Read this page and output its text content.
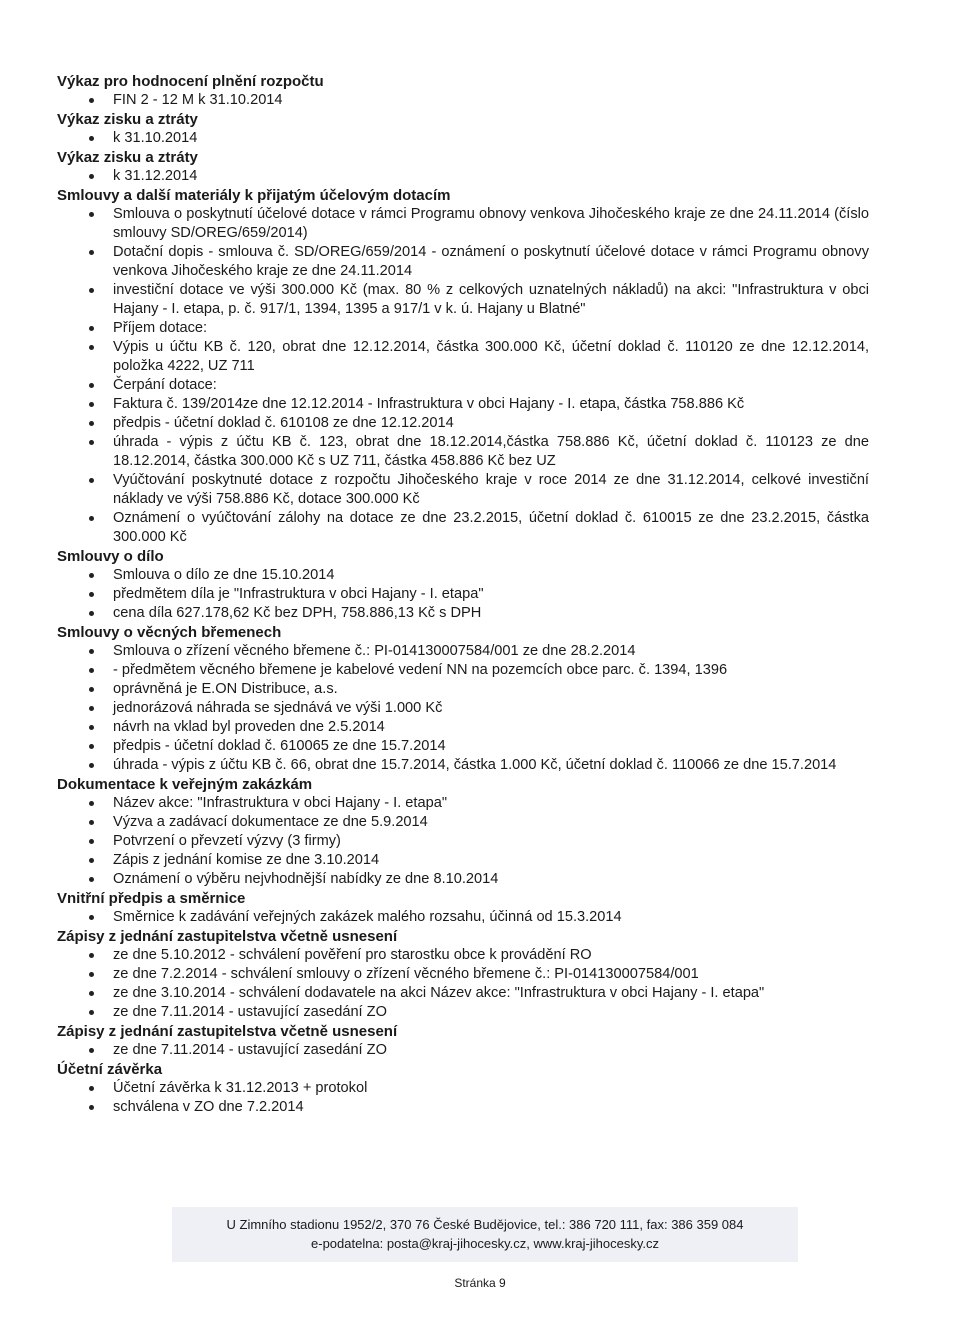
Výkaz pro hodnocení plnění rozpočtu
FIN 2 - 12 M k 31.10.2014
Výkaz zisku a ztráty
k 31.10.2014
Výkaz zisku a ztráty
k 31.12.2014
Smlouvy a další materiály k přijatým účelovým dotacím
Smlouva o poskytnutí účelové dotace v rámci Programu obnovy venkova Jihočeského kraje ze dne 24.11.2014 (číslo smlouvy SD/OREG/659/2014)
Dotační dopis - smlouva č. SD/OREG/659/2014 - oznámení o poskytnutí účelové dotace v rámci Programu obnovy venkova Jihočeského kraje ze dne 24.11.2014
investiční dotace ve výši 300.000 Kč (max. 80 % z celkových uznatelných nákladů) na akci: "Infrastruktura v obci Hajany - I. etapa, p. č. 917/1, 1394, 1395 a 917/1 v k. ú. Hajany u Blatné"
Příjem dotace:
Výpis u účtu KB č. 120, obrat dne 12.12.2014, částka 300.000 Kč, účetní doklad č. 110120 ze dne 12.12.2014, položka 4222, UZ 711
Čerpání dotace:
Faktura č. 139/2014ze dne 12.12.2014 - Infrastruktura v obci Hajany - I. etapa, částka 758.886 Kč
předpis - účetní doklad č. 610108 ze dne 12.12.2014
úhrada - výpis z účtu KB č. 123, obrat dne 18.12.2014,částka 758.886 Kč, účetní doklad č. 110123 ze dne 18.12.2014, částka 300.000 Kč s UZ 711, částka 458.886 Kč bez UZ
Vyúčtování poskytnuté dotace z rozpočtu Jihočeského kraje v roce 2014 ze dne 31.12.2014, celkové investiční náklady ve výši 758.886 Kč, dotace 300.000 Kč
Oznámení o vyúčtování zálohy na dotace ze dne 23.2.2015, účetní doklad č. 610015 ze dne 23.2.2015, částka 300.000 Kč
Smlouvy o dílo
Smlouva o dílo ze dne 15.10.2014
předmětem díla je "Infrastruktura v obci Hajany - I. etapa"
cena díla 627.178,62 Kč bez DPH, 758.886,13 Kč s DPH
Smlouvy o věcných břemenech
Smlouva o zřízení věcného břemene č.: PI-014130007584/001 ze dne 28.2.2014
- předmětem věcného břemene je kabelové vedení NN na pozemcích obce parc. č. 1394, 1396
oprávněná je E.ON Distribuce, a.s.
jednorázová náhrada se sjednává ve výši 1.000 Kč
návrh na vklad byl proveden dne 2.5.2014
předpis - účetní doklad č. 610065 ze dne 15.7.2014
úhrada - výpis z účtu KB č. 66, obrat dne 15.7.2014, částka 1.000 Kč, účetní doklad č. 110066 ze dne 15.7.2014
Dokumentace k veřejným zakázkám
Název akce: "Infrastruktura v obci Hajany - I. etapa"
Výzva a zadávací dokumentace ze dne 5.9.2014
Potvrzení o převzetí výzvy (3 firmy)
Zápis z jednání komise ze dne 3.10.2014
Oznámení o výběru nejvhodnější nabídky ze dne 8.10.2014
Vnitřní předpis a směrnice
Směrnice k zadávání veřejných zakázek malého rozsahu, účinná od 15.3.2014
Zápisy z jednání zastupitelstva včetně usnesení
ze dne 5.10.2012 - schválení pověření pro starostku obce k provádění RO
ze dne 7.2.2014 - schválení smlouvy o zřízení věcného břemene č.: PI-014130007584/001
ze dne 3.10.2014 - schválení dodavatele na akci Název akce: "Infrastruktura v obci Hajany - I. etapa"
ze dne 7.11.2014 - ustavující zasedání ZO
Zápisy z jednání zastupitelstva včetně usnesení
ze dne 7.11.2014 - ustavující zasedání ZO
Účetní závěrka
Účetní závěrka k 31.12.2013 + protokol
schválena v ZO dne 7.2.2014
U Zimního stadionu 1952/2, 370 76 České Budějovice, tel.: 386 720 111, fax: 386 359 084
e-podatelna: posta@kraj-jihocesky.cz, www.kraj-jihocesky.cz
Stránka 9
